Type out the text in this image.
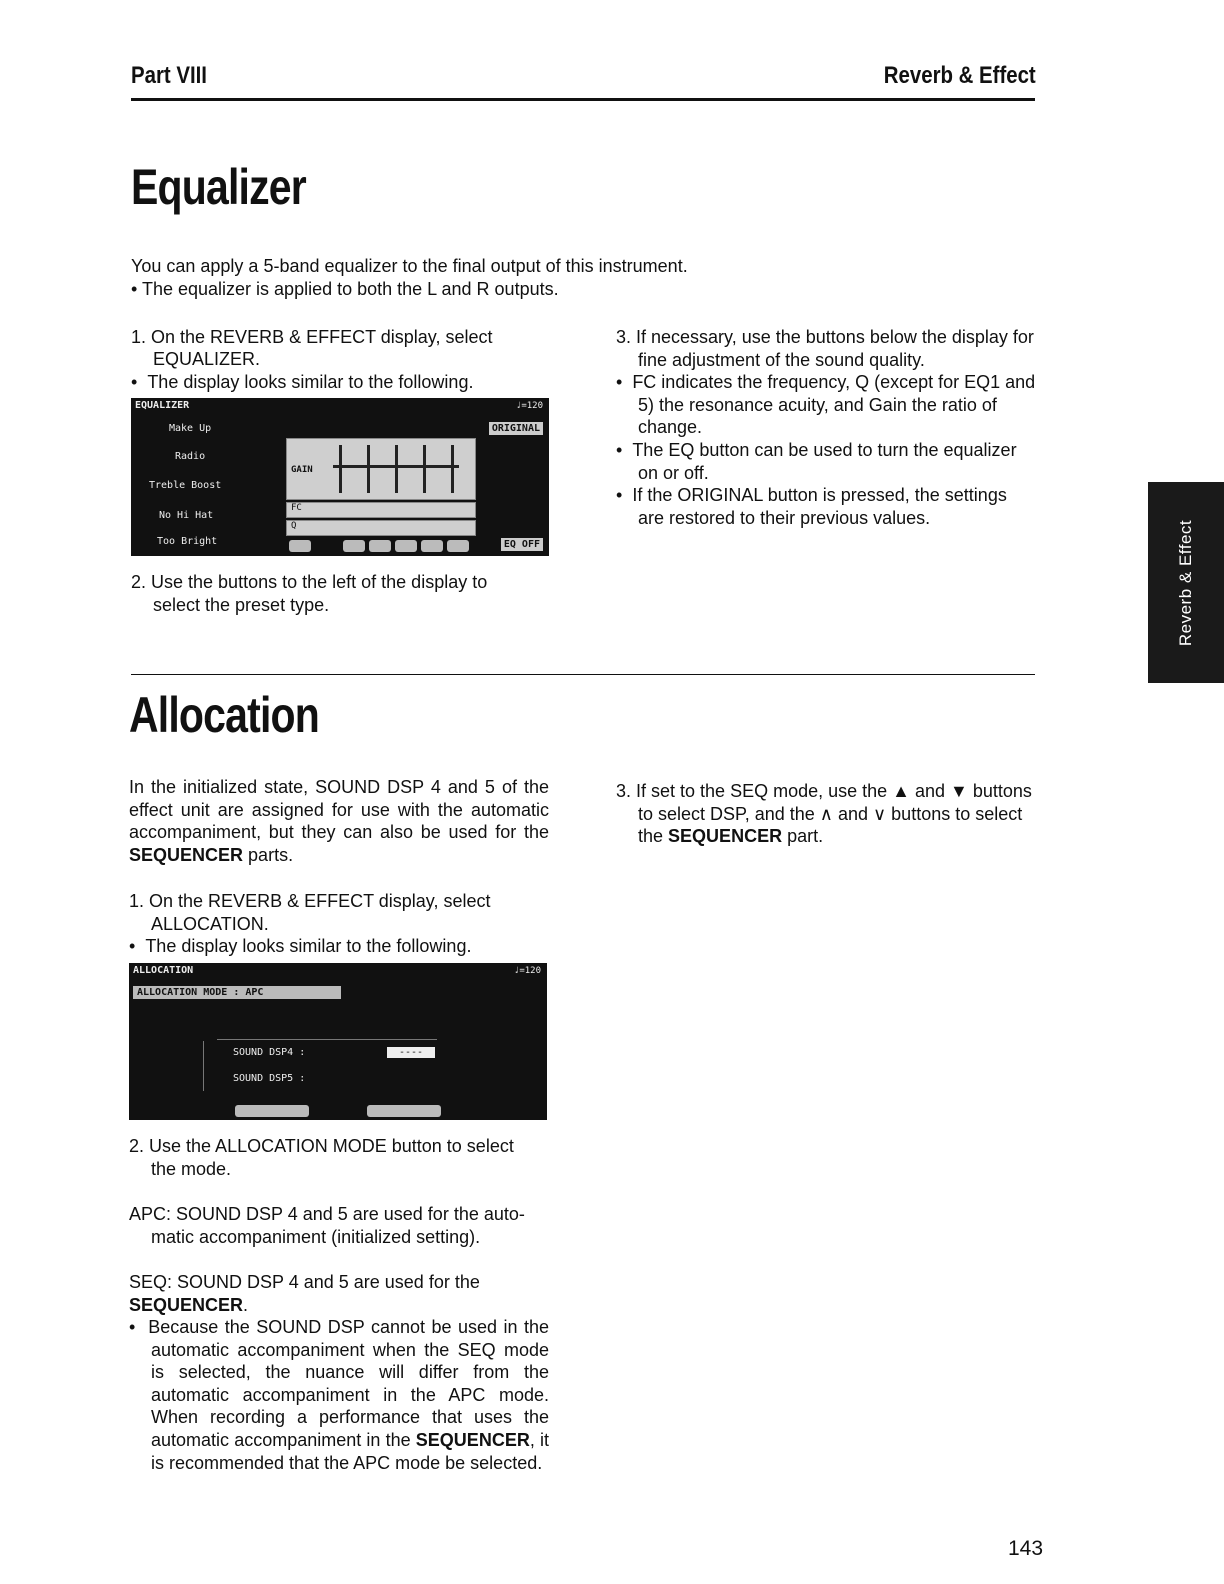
Part VIII	Reverb & Effect
Equalizer
You can apply a 5-band equalizer to the final output of this instrument.
• The equalizer is applied to both the L and R outputs.
1. On the REVERB & EFFECT display, select
EQUALIZER.
•  The display looks similar to the following.
EQUALIZER	♩=120
Make Up
Radio
Treble Boost
No Hi Hat
Too Bright
ORIGINAL
GAIN
FC
Q
EQ OFF
2. Use the buttons to the left of the display to
select the preset type.
3. If necessary, use the buttons below the display for fine adjustment of the sound quality.
•  FC indicates the frequency, Q (except for EQ1 and 5) the resonance acuity, and Gain the ratio of change.
•  The EQ button can be used to turn the equalizer on or off.
•  If the ORIGINAL button is pressed, the settings are restored to their previous values.
Allocation
In the initialized state, SOUND DSP 4 and 5 of the effect unit are assigned for use with the automatic accompaniment, but they can also be used for the SEQUENCER parts.
1. On the REVERB & EFFECT display, select
ALLOCATION.
•  The display looks similar to the following.
ALLOCATION	♩=120
ALLOCATION MODE : APC
SOUND DSP4 :	----
SOUND DSP5 :
2. Use the ALLOCATION MODE button to select
the mode.
APC: SOUND DSP 4 and 5 are used for the auto-
matic accompaniment (initialized setting).
SEQ: SOUND DSP 4 and 5 are used for the SEQUENCER.
•  Because the SOUND DSP cannot be used in the automatic accompaniment when the SEQ mode is selected, the nuance will differ from the automatic accompaniment in the APC mode. When recording a performance that uses the automatic accompaniment in the SEQUENCER, it is recommended that the APC mode be selected.
3. If set to the SEQ mode, use the ▲ and ▼ buttons to select DSP, and the ∧ and ∨ buttons to select the SEQUENCER part.
Reverb & Effect
143
